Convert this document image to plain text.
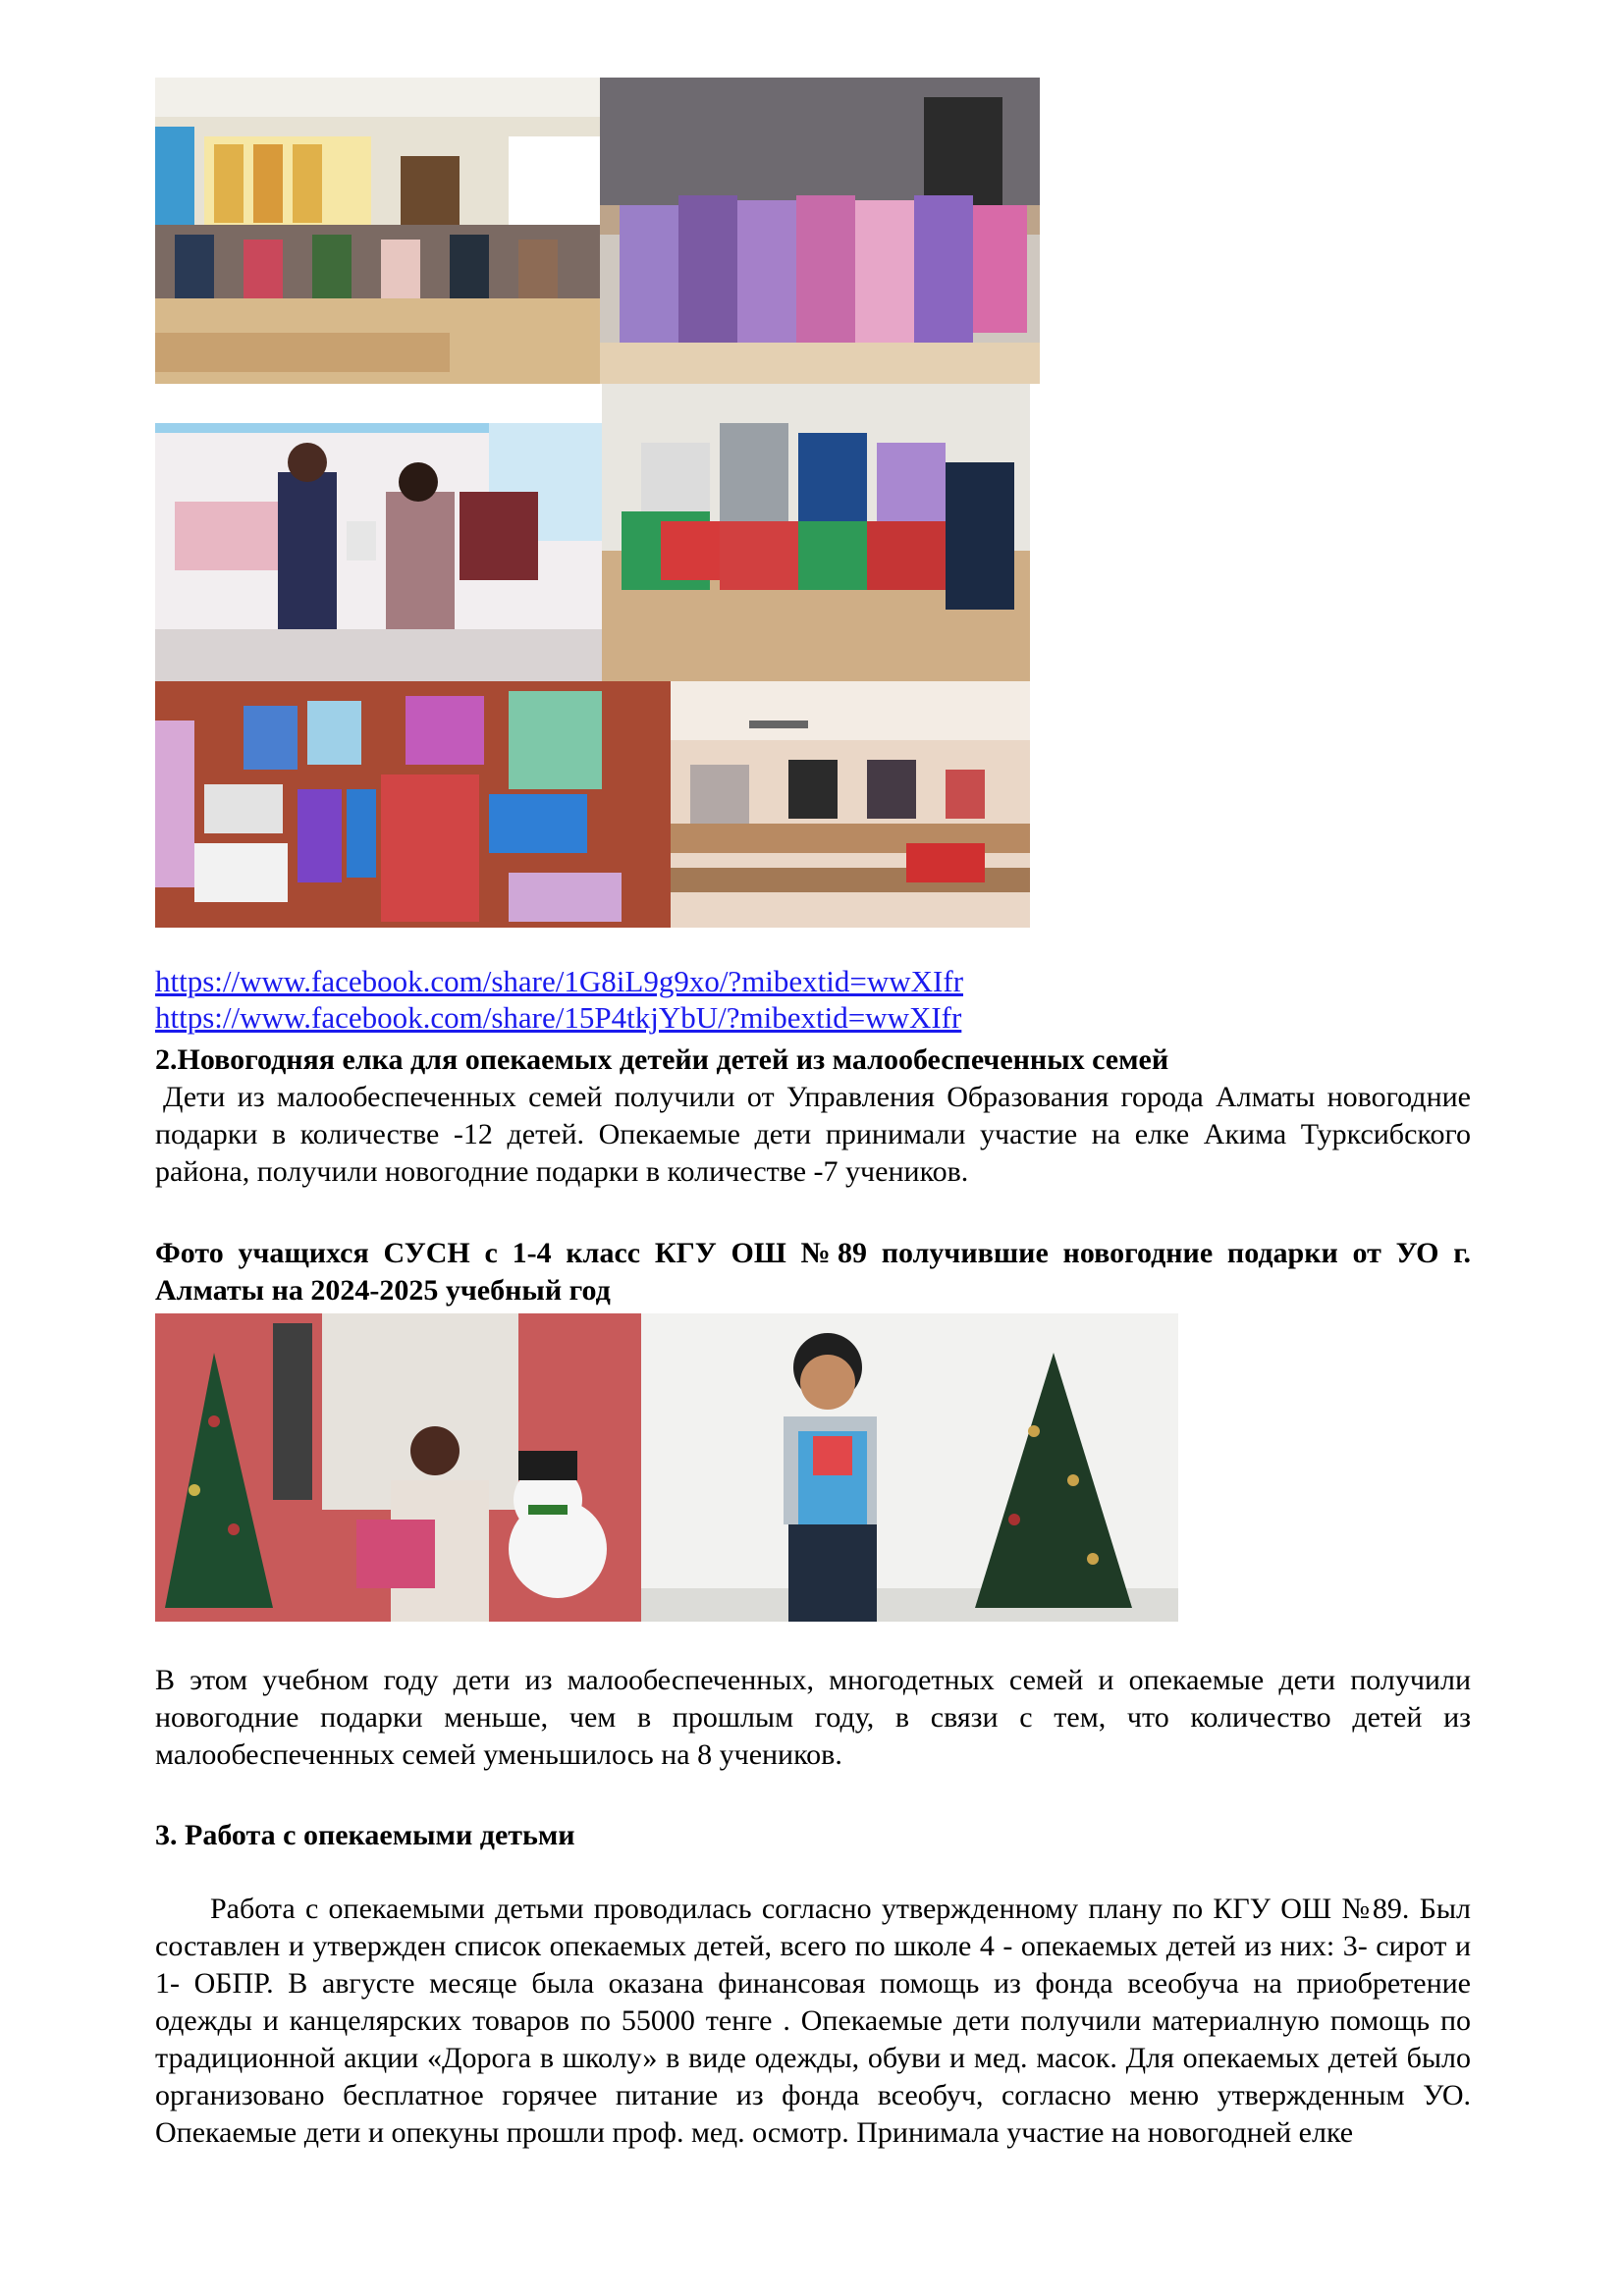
https://www.facebook.com/share/1G8iL9g9xo/?mibextid=wwXIfr
https://www.facebook.com/share/15P4tkjYbU/?mibextid=wwXIfr

2.Новогодняя елка для опекаемых детейи детей из малообеспеченных семей

Дети из малообеспеченных семей получили от Управления Образования города Алматы новогодние подарки в количестве -12 детей. Опекаемые дети принимали участие на елке Акима Турксибского района, получили новогодние подарки в количестве -7 учеников.

Фото учащихся СУСН с 1-4 класс КГУ ОШ №89 получившие новогодние подарки от УО г. Алматы на 2024-2025 учебный год

В этом учебном году дети из малообеспеченных, многодетных семей и опекаемые дети получили новогодние подарки меньше, чем в прошлым году, в связи с тем, что количество детей из малообеспеченных семей уменьшилось на 8 учеников.

3. Работа с опекаемыми детьми

Работа с опекаемыми детьми проводилась согласно утвержденному плану по КГУ ОШ №89. Был составлен и утвержден список опекаемых детей, всего по школе 4 - опекаемых детей из них: 3- сирот и 1- ОБПР. В августе месяце была оказана финансовая помощь из фонда всеобуча на приобретение одежды и канцелярских товаров по 55000 тенге . Опекаемые дети получили материалную помощь по традиционной акции «Дорога в школу» в виде одежды, обуви и мед. масок. Для опекаемых детей было организовано бесплатное горячее питание из фонда всеобуч, согласно меню утвержденным УО. Опекаемые дети и опекуны прошли проф. мед. осмотр. Принимала участие на новогодней елке
